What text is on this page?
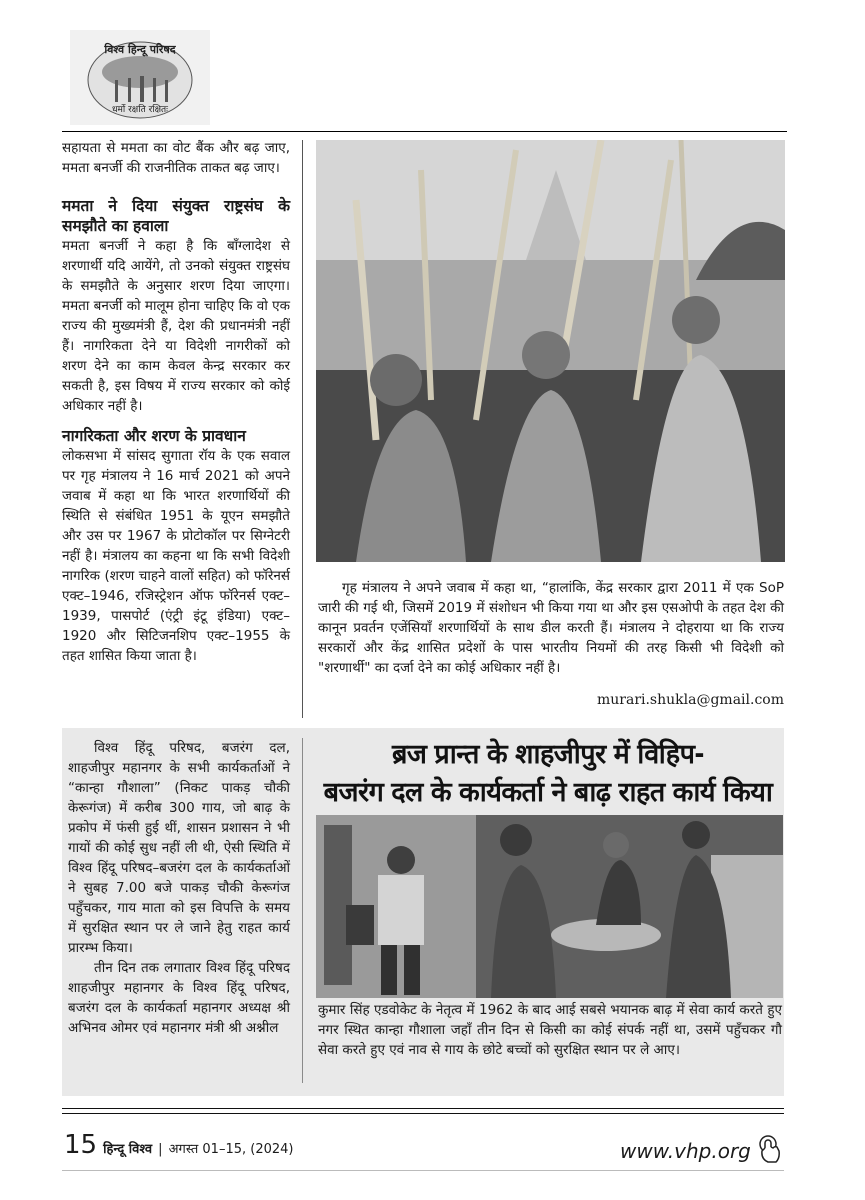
विश्व हिन्दू परिषद
धर्मो रक्षति रक्षितः

सहायता से ममता का वोट बैंक और बढ़ जाए, ममता बनर्जी की राजनीतिक ताकत बढ़ जाए।

ममता ने दिया संयुक्त राष्ट्रसंघ के समझौते का हवाला

ममता बनर्जी ने कहा है कि बाँग्लादेश से शरणार्थी यदि आयेंगे, तो उनको संयुक्त राष्ट्रसंघ के समझौते के अनुसार शरण दिया जाएगा। ममता बनर्जी को मालूम होना चाहिए कि वो एक राज्य की मुख्यमंत्री हैं, देश की प्रधानमंत्री नहीं हैं। नागरिकता देने या विदेशी नागरीकों को शरण देने का काम केवल केन्द्र सरकार कर सकती है, इस विषय में राज्य सरकार को कोई अधिकार नहीं है।

नागरिकता और शरण के प्रावधान

लोकसभा में सांसद सुगाता रॉय के एक सवाल पर गृह मंत्रालय ने 16 मार्च 2021 को अपने जवाब में कहा था कि भारत शरणार्थियों की स्थिति से संबंधित 1951 के यूएन समझौते और उस पर 1967 के प्रोटोकॉल पर सिग्नेटरी नहीं है। मंत्रालय का कहना था कि सभी विदेशी नागरिक (शरण चाहने वालों सहित) को फॉरेनर्स एक्ट–1946, रजिस्ट्रेशन ऑफ फॉरेनर्स एक्ट–1939, पासपोर्ट (एंट्री इंटू इंडिया) एक्ट–1920 और सिटिजनशिप एक्ट–1955 के तहत शासित किया जाता है।

गृह मंत्रालय ने अपने जवाब में कहा था, “हालांकि, केंद्र सरकार द्वारा 2011 में एक SoP जारी की गई थी, जिसमें 2019 में संशोधन भी किया गया था और इस एसओपी के तहत देश की कानून प्रवर्तन एजेंसियाँ शरणार्थियों के साथ डील करती हैं। मंत्रालय ने दोहराया था कि राज्य सरकारों और केंद्र शासित प्रदेशों के पास भारतीय नियमों की तरह किसी भी विदेशी को "शरणार्थी" का दर्जा देने का कोई अधिकार नहीं है।
murari.shukla@gmail.com

विश्व हिंदू परिषद, बजरंग दल, शाहजीपुर महानगर के सभी कार्यकर्ताओं ने “कान्हा गौशाला” (निकट पाकड़ चौकी केरूगंज) में करीब 300 गाय, जो बाढ़ के प्रकोप में फंसी हुई थीं, शासन प्रशासन ने भी गायों की कोई सुध नहीं ली थी, ऐसी स्थिति में विश्व हिंदू परिषद–बजरंग दल के कार्यकर्ताओं ने सुबह 7.00 बजे पाकड़ चौकी केरूगंज पहुँचकर, गाय माता को इस विपत्ति के समय में सुरक्षित स्थान पर ले जाने हेतु राहत कार्य प्रारम्भ किया।

तीन दिन तक लगातार विश्व हिंदू परिषद शाहजीपुर महानगर के विश्व हिंदू परिषद, बजरंग दल के कार्यकर्ता महानगर अध्यक्ष श्री अभिनव ओमर एवं महानगर मंत्री श्री अश्नील

ब्रज प्रान्त के शाहजीपुर में विहिप-
बजरंग दल के कार्यकर्ता ने बाढ़ राहत कार्य किया
कुमार सिंह एडवोकेट के नेतृत्व में 1962 के बाद आई सबसे भयानक बाढ़ में सेवा कार्य करते हुए नगर स्थित कान्हा गौशाला जहाँ तीन दिन से किसी का कोई संपर्क नहीं था, उसमें पहुँचकर गौ सेवा करते हुए एवं नाव से गाय के छोटे बच्चों को सुरक्षित स्थान पर ले आए।
15 हिन्दू विश्व | अगस्त 01–15, (2024)	www.vhp.org
